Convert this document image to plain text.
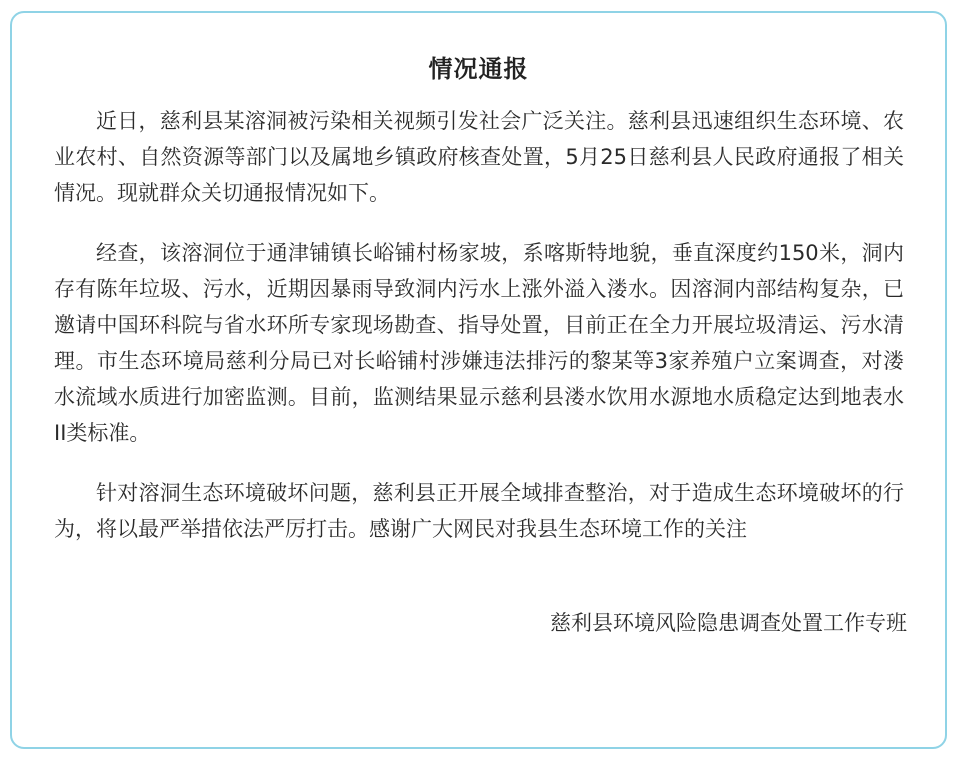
情况通报

近日，慈利县某溶洞被污染相关视频引发社会广泛关注。慈利县迅速组织生态环境、农业农村、自然资源等部门以及属地乡镇政府核查处置，5月25日慈利县人民政府通报了相关情况。现就群众关切通报情况如下。

经查，该溶洞位于通津铺镇长峪铺村杨家坡，系喀斯特地貌，垂直深度约150米，洞内存有陈年垃圾、污水，近期因暴雨导致洞内污水上涨外溢入溇水。因溶洞内部结构复杂，已邀请中国环科院与省水环所专家现场勘查、指导处置，目前正在全力开展垃圾清运、污水清理。市生态环境局慈利分局已对长峪铺村涉嫌违法排污的黎某等3家养殖户立案调查，对溇水流域水质进行加密监测。目前，监测结果显示慈利县溇水饮用水源地水质稳定达到地表水II类标准。

针对溶洞生态环境破坏问题，慈利县正开展全域排查整治，对于造成生态环境破坏的行为，将以最严举措依法严厉打击。感谢广大网民对我县生态环境工作的关注

慈利县环境风险隐患调查处置工作专班
